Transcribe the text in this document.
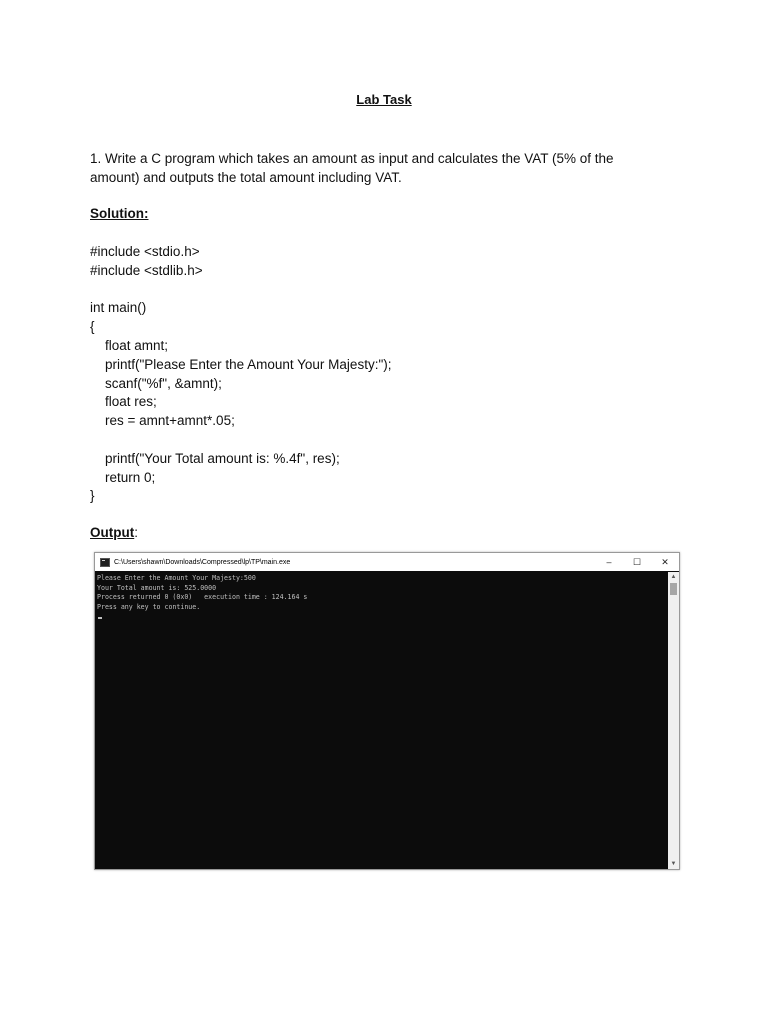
Lab Task
1. Write a C program which takes an amount as input and calculates the VAT (5% of the amount) and outputs the total amount including VAT.
Solution:
#include <stdio.h>
#include <stdlib.h>
int main()
{
float amnt;
printf("Please Enter the Amount Your Majesty:");
scanf("%f", &amnt);
float res;
res = amnt+amnt*.05;
printf("Your Total amount is: %.4f", res);
return 0;
}
Output:
C:\Users\shawn\Downloads\Compressed\lp\TP\main.exe	–	☐	✕
Please Enter the Amount Your Majesty:500
Your Total amount is: 525.0000
Process returned 0 (0x0)   execution time : 124.164 s
Press any key to continue.
▲
▼
